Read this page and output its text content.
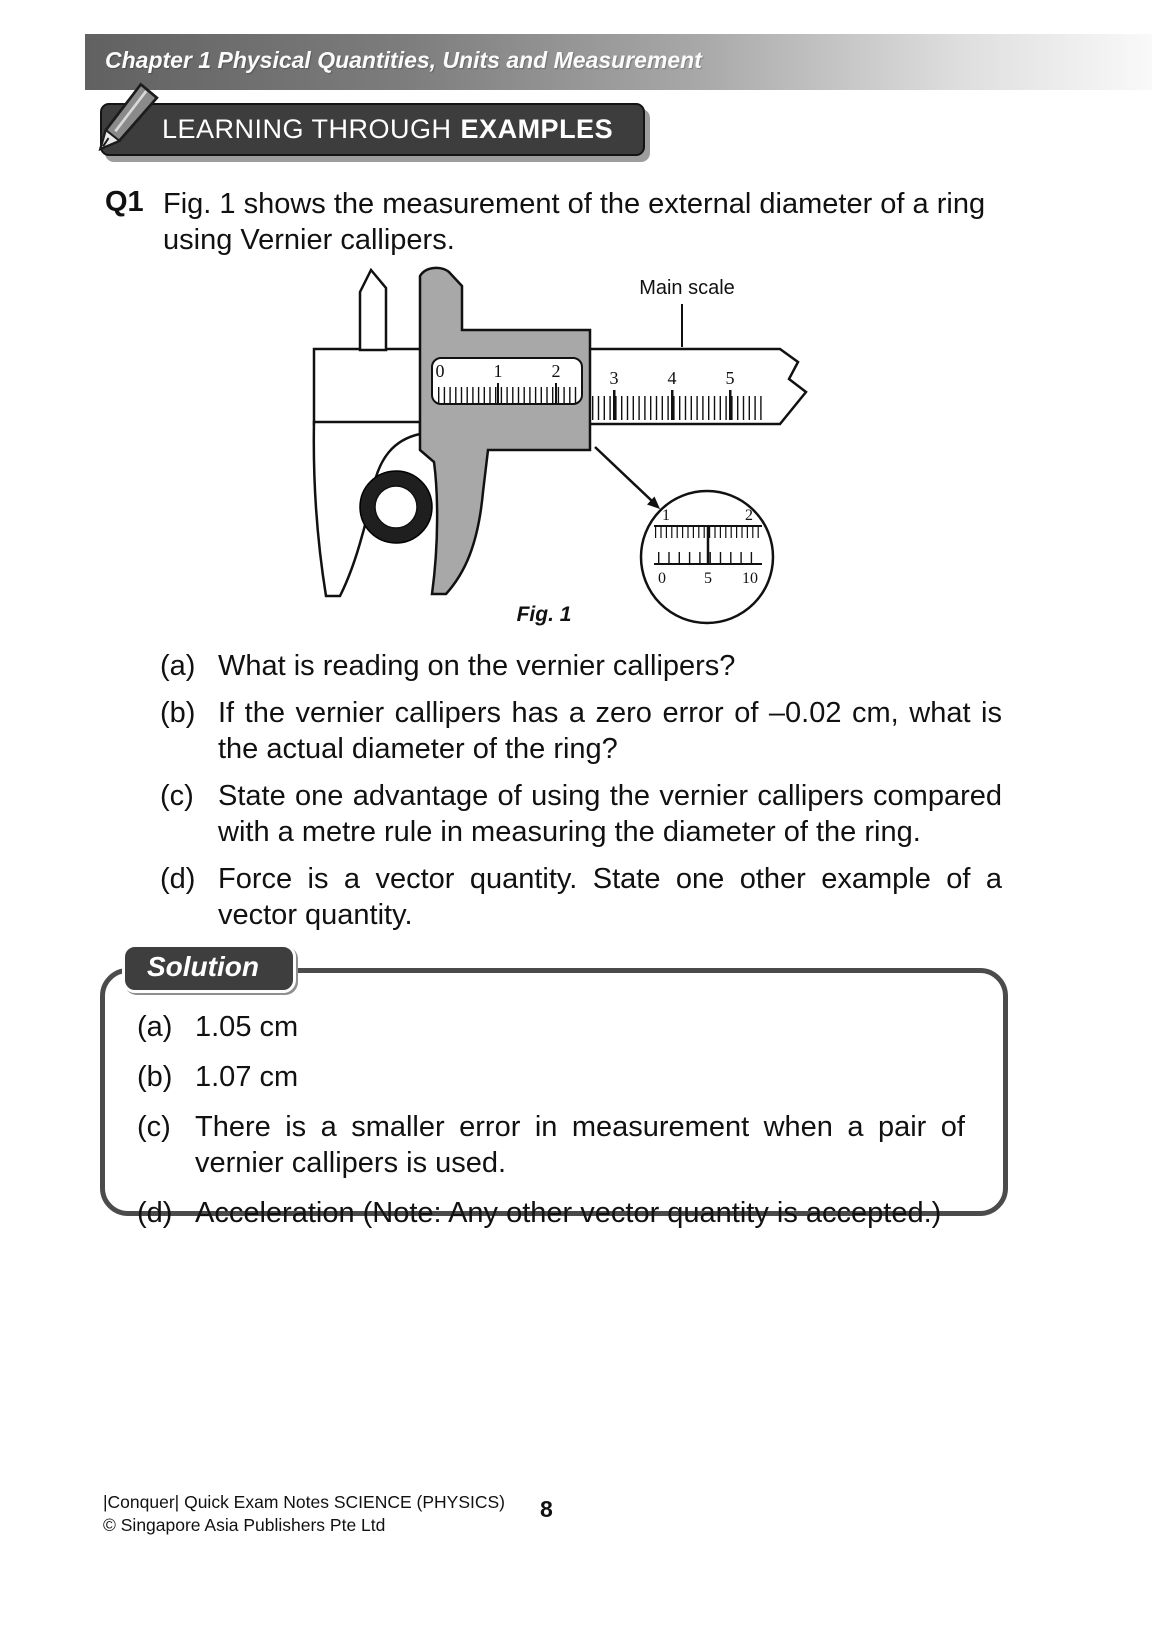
Chapter 1 Physical Quantities, Units and Measurement
LEARNING THROUGH EXAMPLES
Q1 Fig. 1 shows the measurement of the external diameter of a ring using Vernier callipers.
Main scale
0	1	2	3	4	5
1	2
0 5 10
Fig. 1
(a) What is reading on the vernier callipers?
(b) If the vernier callipers has a zero error of –0.02 cm, what is the actual diameter of the ring?
(c) State one advantage of using the vernier callipers compared with a metre rule in measuring the diameter of the ring.
(d) Force is a vector quantity. State one other example of a vector quantity.
(a) 1.05 cm
(b) 1.07 cm
(c) There is a smaller error in measurement when a pair of vernier callipers is used.
(d) Acceleration (Note: Any other vector quantity is accepted.)
Solution
|Conquer| Quick Exam Notes SCIENCE (PHYSICS)
© Singapore Asia Publishers Pte Ltd
8
